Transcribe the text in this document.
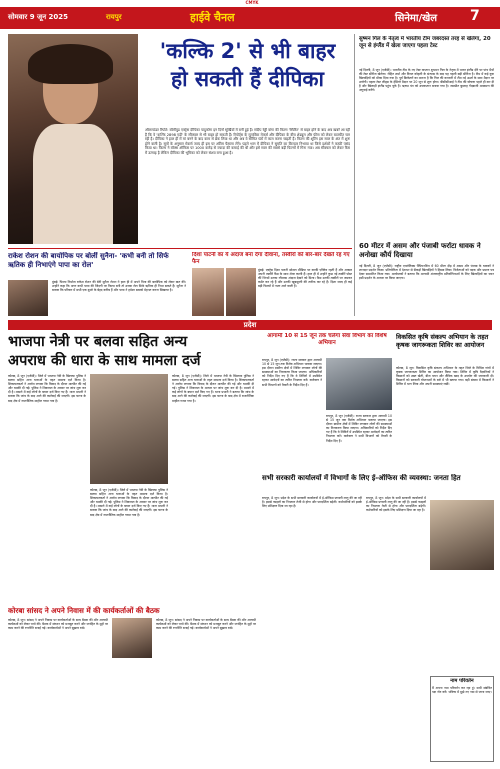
CMYK
सोमवार 9 जून 2025	रायपुर	हाईवे चैनल	सिनेमा/खेल 7
'कल्कि 2' से भी बाहर
हो सकती हैं दीपिका
ऑलराउंडर रिपोर्ट: बॉलीवुड एक्ट्रेस दीपिका पादुकोण इन दिनों सुर्खियों में बनी हुई हैं। संदीप रेड्डी वांगा की फिल्म 'स्पिरिट' से बाहर होने के बाद अब खबरें आ रही हैं कि वे 'कल्कि 2898 एडी' के सीक्वल से भी बाहर हो सकती हैं। रिपोर्ट्स के मुताबिक मेकर्स और दीपिका के बीच शेड्यूल और फीस को लेकर बातचीत चल रही है। दीपिका ने हाल ही में मां बनने के बाद काम से ब्रेक लिया था और अब वे सीमित घंटों में काम करना चाहती हैं। फिल्म की शूटिंग इस साल के अंत में शुरू होने वाली है। सूत्रों के अनुसार मेकर्स जल्द ही इस पर अंतिम फैसला लेंगे। पहले भाग में दीपिका ने सुमति का किरदार निभाया था जिसे दर्शकों ने काफी पसंद किया था। फिल्म ने बॉक्स ऑफिस पर 1000 करोड़ से ज्यादा की कमाई की थी और इसे साल की सबसे बड़ी फिल्मों में गिना गया। अब सीक्वल को लेकर फैंस में उत्साह है लेकिन दीपिका की भूमिका को लेकर संशय बना हुआ है।
सुष्मन गिल के नेतृत्व में भारतीय टीम जबरदस्त तरह से खेलेगा, 20 जून से इंग्लैंड में खेला जाएगा पहला टेस्ट
नई दिल्ली, 8 जून (एजेंसी): भारतीय टीम के नए टेस्ट कप्तान शुभमन गिल के नेतृत्व में भारत इंग्लैंड दौरे पर पांच मैचों की टेस्ट सीरीज खेलेगा। रोहित शर्मा और विराट कोहली के संन्यास के बाद यह पहली बड़ी सीरीज है। टीम में कई युवा खिलाड़ियों को मौका दिया गया है। पूर्व क्रिकेटरों का मानना है कि गिल की कप्तानी में टीम नई ऊर्जा के साथ मैदान पर उतरेगी। पहला टेस्ट लीड्स के हेडिंग्ले मैदान पर 20 जून से शुरू होगा। बीसीसीआई ने टीम की घोषणा पहले ही कर दी है और खिलाड़ी इंग्लैंड पहुंच चुके हैं। ऋषभ पंत को उपकप्तान बनाया गया है। जसप्रीत बुमराह गेंदबाजी आक्रमण की अगुवाई करेंगे।
60 मीटर में असम और पंजाबी फर्राटा धावक ने अनोखा कौर्य दिखाया
नई दिल्ली, 8 जून (एजेंसी): राष्ट्रीय एथलेटिक्स चैंपियनशिप में 60 मीटर दौड़ में असम और पंजाब के धावकों ने शानदार प्रदर्शन किया। प्रतियोगिता में देशभर से सैकड़ों खिलाड़ियों ने हिस्सा लिया। विजेताओं को पदक और प्रमाण पत्र देकर सम्मानित किया गया। आयोजकों ने बताया कि आगामी अंतरराष्ट्रीय प्रतियोगिताओं के लिए खिलाड़ियों का चयन इसी प्रदर्शन के आधार पर किया जाएगा।
राकेश रोशन की बायोपिक पर बोलीं सुनैना- 'कभी बनी तो सिर्फ ऋतिक ही निभाएंगे पापा का रोल'
मुंबई: फिल्म निर्माता राकेश रोशन की बेटी सुनैना रोशन ने हाल ही में अपने पिता की बायोपिक को लेकर बात की। उन्होंने कहा कि अगर कभी पापा की जिंदगी पर फिल्म बनी तो उनका रोल सिर्फ ऋतिक ही निभा सकते हैं। सुनैना ने बताया कि परिवार में सभी एक दूसरे के बेहद करीब हैं और पापा ने हमेशा सबको मेहनत करना सिखाया है।
दिशा पाटनी का ये अंदाज बना देगा दीवाना, तस्वीरों को बार-बार देखते रह गए फैन
मुंबई: एक्ट्रेस दिशा पाटनी सोशल मीडिया पर काफी एक्टिव रहती हैं और अक्सर अपनी तस्वीरें फैंस के साथ शेयर करती हैं। हाल ही में उन्होंने कुछ नई तस्वीरें पोस्ट कीं जिनमें उनका ग्लैमरस अंदाज देखने को मिला। फैंस उनकी तस्वीरों पर जमकर कमेंट कर रहे हैं और उनकी खूबसूरती की तारीफ कर रहे हैं। दिशा जल्द ही कई बड़ी फिल्मों में नजर आने वाली हैं।
प्रदेश
भाजपा नेत्री पर बलवा सहित अन्य
अपराध की धारा के साथ मामला दर्ज
कोरबा, 8 जून (एजेंसी): जिले में भाजपा नेत्री के खिलाफ पुलिस ने बलवा सहित अन्य धाराओं के तहत मामला दर्ज किया है। शिकायतकर्ता ने आरोप लगाया कि विवाद के दौरान मारपीट की गई और धमकी दी गई। पुलिस ने शिकायत के आधार पर जांच शुरू कर दी है। मामले में कई लोगों के बयान दर्ज किए गए हैं। थाना प्रभारी ने बताया कि जांच के बाद आगे की कार्रवाई की जाएगी। इस घटना के बाद क्षेत्र में राजनीतिक माहौल गरमा गया है।
कोरबा, 8 जून (एजेंसी): जिले में भाजपा नेत्री के खिलाफ पुलिस ने बलवा सहित अन्य धाराओं के तहत मामला दर्ज किया है। शिकायतकर्ता ने आरोप लगाया कि विवाद के दौरान मारपीट की गई और धमकी दी गई। पुलिस ने शिकायत के आधार पर जांच शुरू कर दी है। मामले में कई लोगों के बयान दर्ज किए गए हैं। थाना प्रभारी ने बताया कि जांच के बाद आगे की कार्रवाई की जाएगी। इस घटना के बाद क्षेत्र में राजनीतिक माहौल गरमा गया है।
कोरबा, 8 जून (एजेंसी): जिले में भाजपा नेत्री के खिलाफ पुलिस ने बलवा सहित अन्य धाराओं के तहत मामला दर्ज किया है। शिकायतकर्ता ने आरोप लगाया कि विवाद के दौरान मारपीट की गई और धमकी दी गई। पुलिस ने शिकायत के आधार पर जांच शुरू कर दी है। मामले में कई लोगों के बयान दर्ज किए गए हैं। थाना प्रभारी ने बताया कि जांच के बाद आगे की कार्रवाई की जाएगी। इस घटना के बाद क्षेत्र में राजनीतिक माहौल गरमा गया है।
कोरबा सांसद ने अपने निवास में की कार्यकर्ताओं की बैठक
कोरबा, 8 जून: सांसद ने अपने निवास पर कार्यकर्ताओं के साथ बैठक की और आगामी कार्यक्रमों को लेकर चर्चा की। बैठक में संगठन को मजबूत करने और जनहित के मुद्दों पर काम करने की रणनीति बनाई गई। कार्यकर्ताओं ने अपने सुझाव रखे।
कोरबा, 8 जून: सांसद ने अपने निवास पर कार्यकर्ताओं के साथ बैठक की और आगामी कार्यक्रमों को लेकर चर्चा की। बैठक में संगठन को मजबूत करने और जनहित के मुद्दों पर काम करने की रणनीति बनाई गई। कार्यकर्ताओं ने अपने सुझाव रखे।
आगामी 10 से 15 जून तक चलेगा सेवा विभाग का विशेष अभियान
रायपुर, 8 जून (एजेंसी): राज्य सरकार द्वारा आगामी 10 से 15 जून तक विशेष अभियान चलाया जाएगा। इस दौरान ग्रामीण क्षेत्रों में शिविर लगाकर लोगों की समस्याओं का निराकरण किया जाएगा। अधिकारियों को निर्देश दिए गए हैं कि वे शिविरों में उपस्थित रहकर आवेदनों का त्वरित निपटारा करें। कलेक्टर ने सभी विभागों को तैयारी के निर्देश दिए हैं।
रायपुर, 8 जून (एजेंसी): राज्य सरकार द्वारा आगामी 10 से 15 जून तक विशेष अभियान चलाया जाएगा। इस दौरान ग्रामीण क्षेत्रों में शिविर लगाकर लोगों की समस्याओं का निराकरण किया जाएगा। अधिकारियों को निर्देश दिए गए हैं कि वे शिविरों में उपस्थित रहकर आवेदनों का त्वरित निपटारा करें। कलेक्टर ने सभी विभागों को तैयारी के निर्देश दिए हैं।
सभी सरकारी कार्यालयों में विभागों के लिए ई-ऑफिस की व्यवस्था: जनता हित
रायपुर, 8 जून: प्रदेश के सभी सरकारी कार्यालयों में ई-ऑफिस प्रणाली लागू की जा रही है। इससे फाइलों का निपटारा तेजी से होगा और पारदर्शिता बढ़ेगी। कर्मचारियों को इसके लिए प्रशिक्षण दिया जा रहा है।
रायपुर, 8 जून: प्रदेश के सभी सरकारी कार्यालयों में ई-ऑफिस प्रणाली लागू की जा रही है। इससे फाइलों का निपटारा तेजी से होगा और पारदर्शिता बढ़ेगी। कर्मचारियों को इसके लिए प्रशिक्षण दिया जा रहा है।
विकसित कृषि संकल्प अभियान के तहत कृषक जागरूकता शिविर का आयोजन
कोरबा, 8 जून: विकसित कृषि संकल्प अभियान के तहत जिले के विभिन्न गांवों में कृषक जागरूकता शिविर का आयोजन किया गया। शिविर में कृषि वैज्ञानिकों ने किसानों को उन्नत खेती, बीज चयन और जैविक खाद के उपयोग की जानकारी दी। किसानों को सरकारी योजनाओं के बारे में भी बताया गया। बड़ी संख्या में किसानों ने शिविर में भाग लिया और अपनी समस्याएं रखीं।
नाम परिवर्तन
मैं अपना नाम परिवर्तन कर रहा हूं। सभी संबंधित पक्ष नोट करें। भविष्य में मुझे नए नाम से जाना जाए।
